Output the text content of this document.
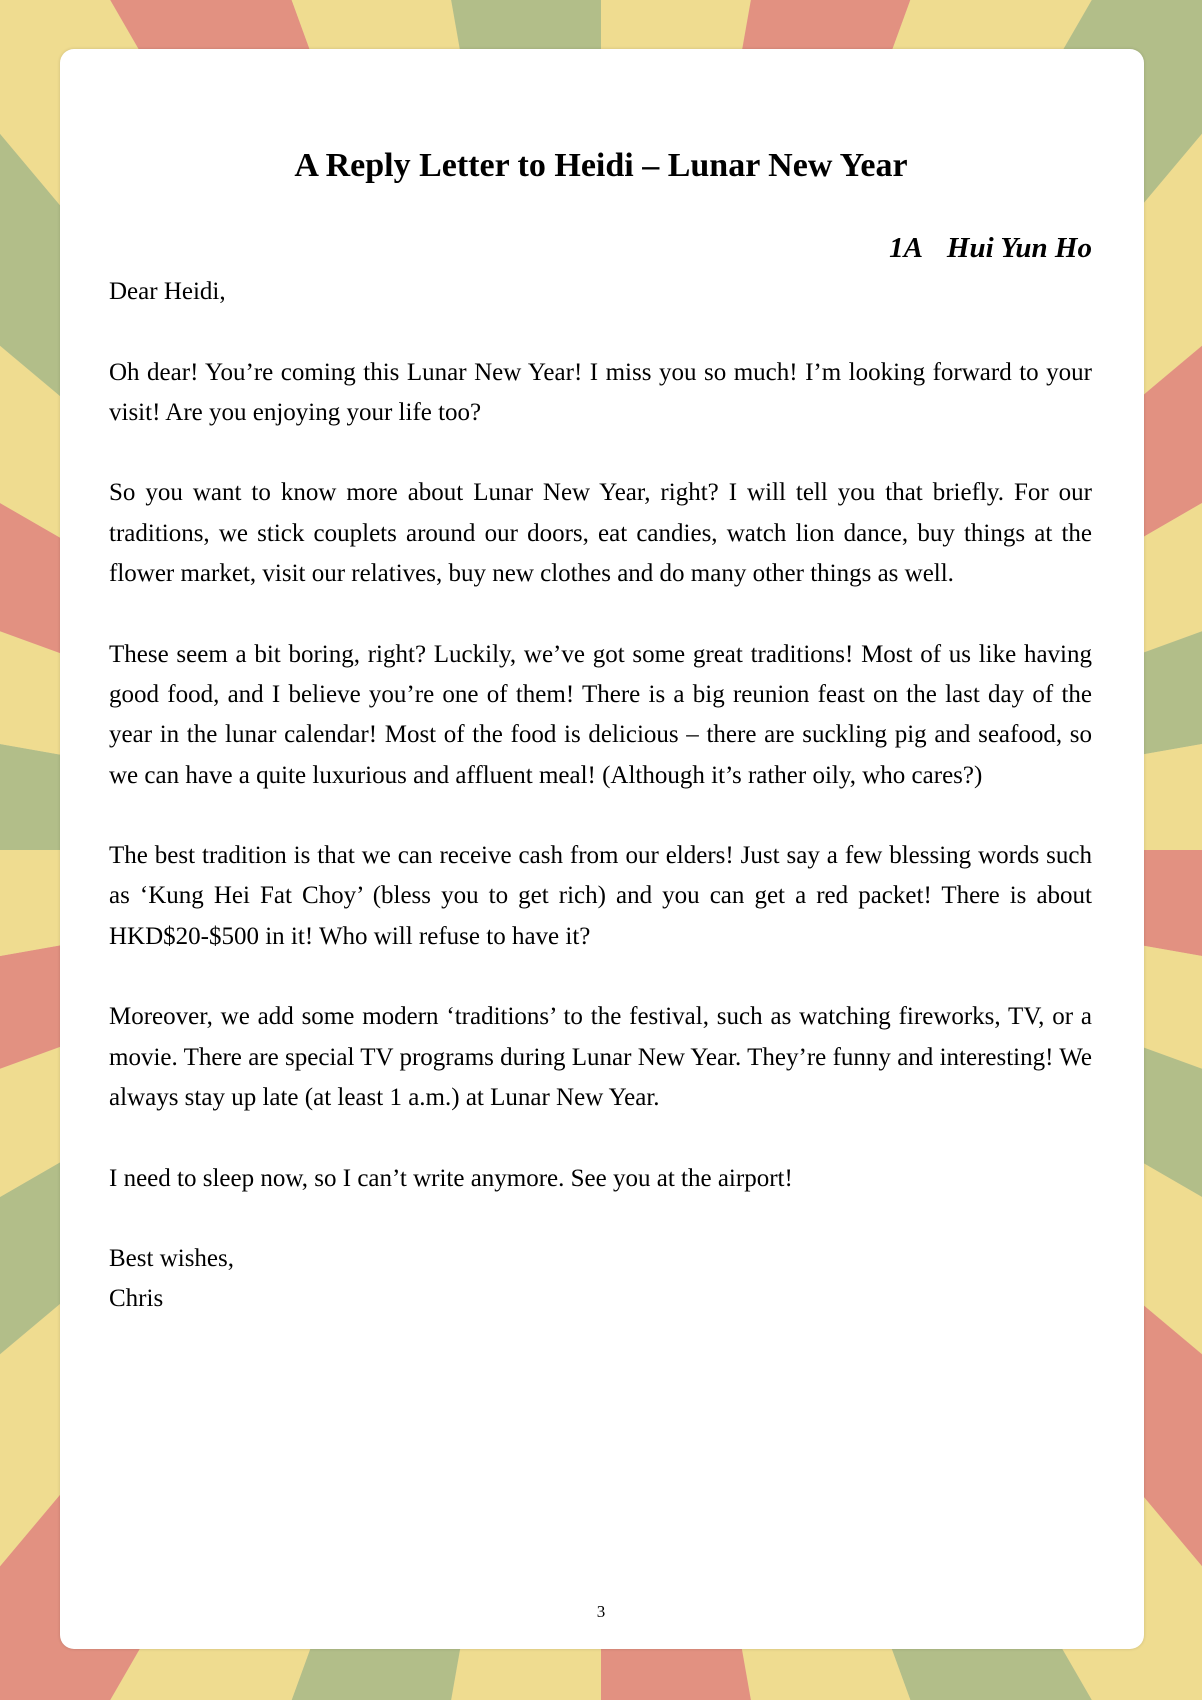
A Reply Letter to Heidi – Lunar New Year
1A Hui Yun Ho

Dear Heidi,

Oh dear! You’re coming this Lunar New Year! I miss you so much! I’m looking forward to your visit! Are you enjoying your life too?

So you want to know more about Lunar New Year, right? I will tell you that briefly. For our traditions, we stick couplets around our doors, eat candies, watch lion dance, buy things at the flower market, visit our relatives, buy new clothes and do many other things as well.

These seem a bit boring, right? Luckily, we’ve got some great traditions! Most of us like having good food, and I believe you’re one of them! There is a big reunion feast on the last day of the year in the lunar calendar! Most of the food is delicious – there are suckling pig and seafood, so we can have a quite luxurious and affluent meal! (Although it’s rather oily, who cares?)

The best tradition is that we can receive cash from our elders! Just say a few blessing words such as ‘Kung Hei Fat Choy’ (bless you to get rich) and you can get a red packet! There is about HKD$20-$500 in it! Who will refuse to have it?

Moreover, we add some modern ‘traditions’ to the festival, such as watching fireworks, TV, or a movie. There are special TV programs during Lunar New Year. They’re funny and interesting! We always stay up late (at least 1 a.m.) at Lunar New Year.

I need to sleep now, so I can’t write anymore. See you at the airport!

Best wishes,
Chris
3
